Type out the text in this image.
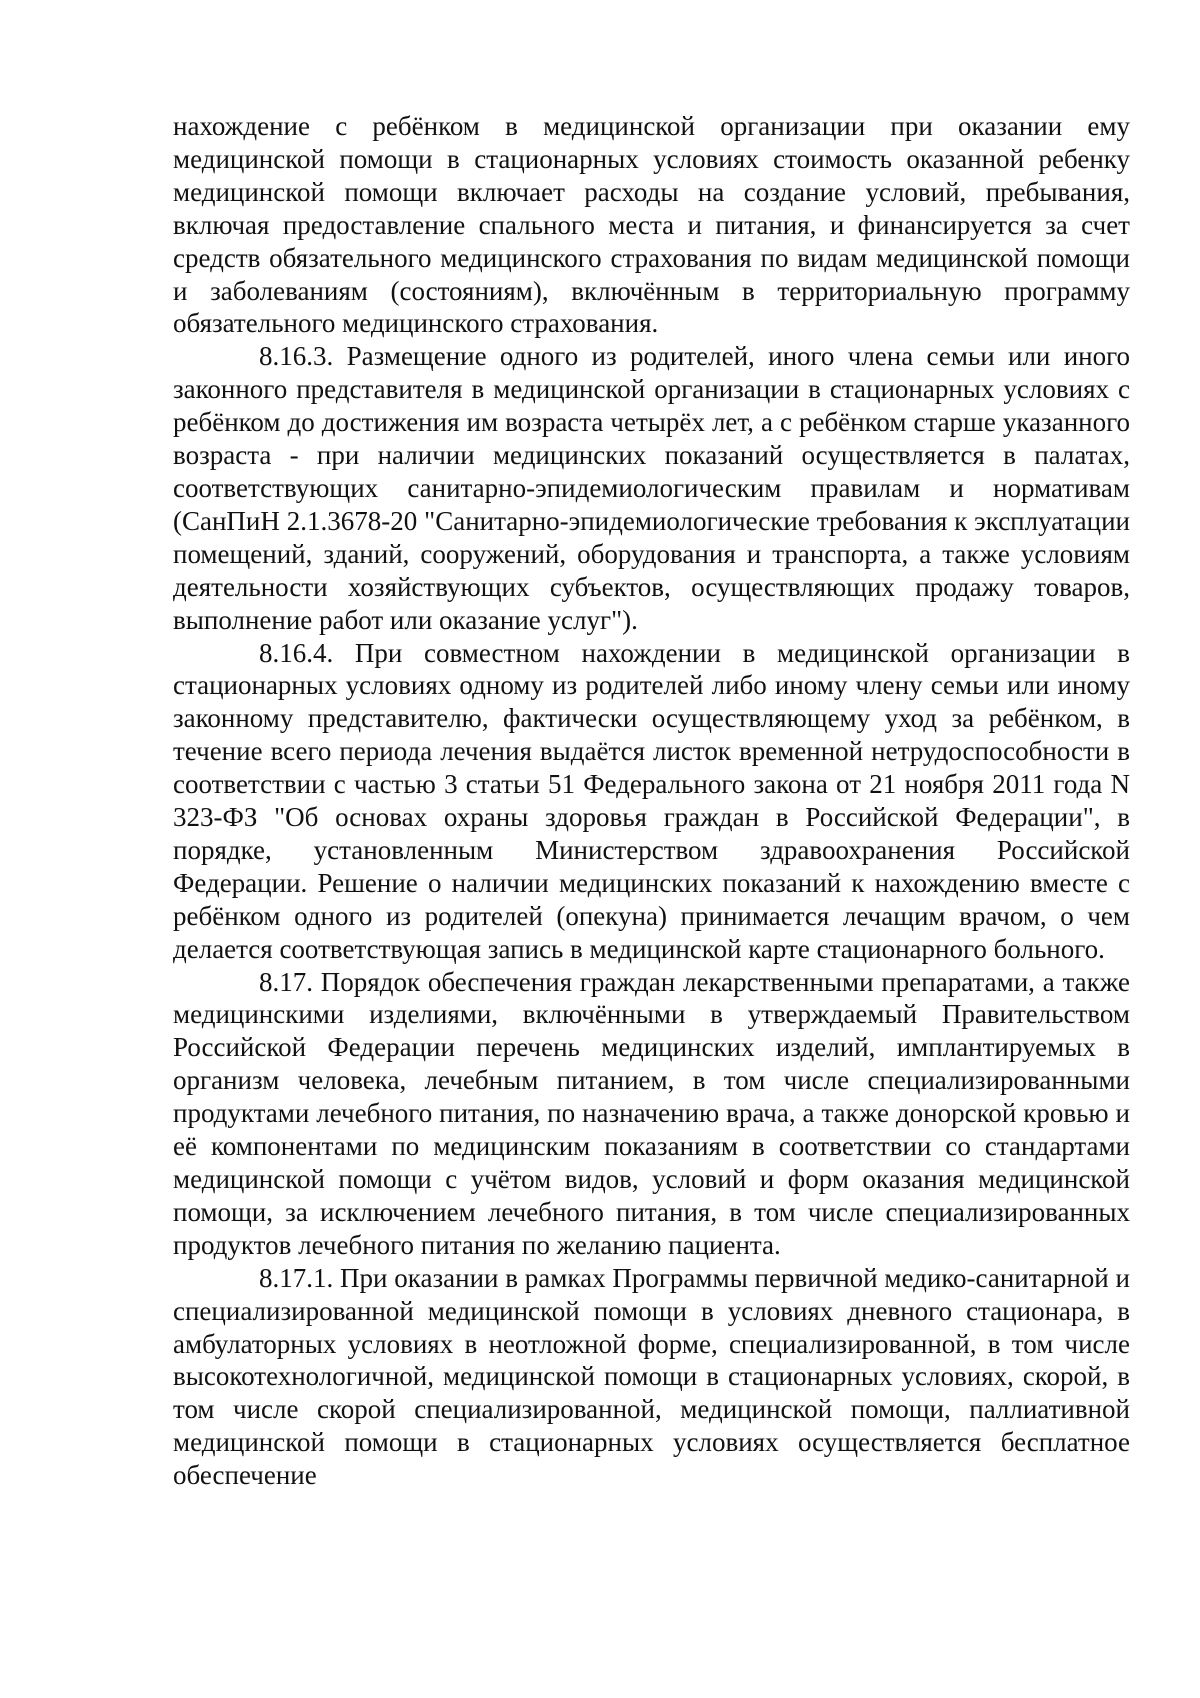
нахождение с ребёнком в медицинской организации при оказании ему медицинской помощи в стационарных условиях стоимость оказанной ребенку медицинской помощи включает расходы на создание условий, пребывания, включая предоставление спального места и питания, и финансируется за счет средств обязательного медицинского страхования по видам медицинской помощи и заболеваниям (состояниям), включённым в территориальную программу обязательного медицинского страхования.

8.16.3. Размещение одного из родителей, иного члена семьи или иного законного представителя в медицинской организации в стационарных условиях с ребёнком до достижения им возраста четырёх лет, а с ребёнком старше указанного возраста - при наличии медицинских показаний осуществляется в палатах, соответствующих санитарно-эпидемиологическим правилам и нормативам (СанПиН 2.1.3678-20 "Санитарно-эпидемиологические требования к эксплуатации помещений, зданий, сооружений, оборудования и транспорта, а также условиям деятельности хозяйствующих субъектов, осуществляющих продажу товаров, выполнение работ или оказание услуг").

8.16.4. При совместном нахождении в медицинской организации в стационарных условиях одному из родителей либо иному члену семьи или иному законному представителю, фактически осуществляющему уход за ребёнком, в течение всего периода лечения выдаётся листок временной нетрудоспособности в соответствии с частью 3 статьи 51 Федерального закона от 21 ноября 2011 года N 323-ФЗ "Об основах охраны здоровья граждан в Российской Федерации", в порядке, установленным Министерством здравоохранения Российской Федерации. Решение о наличии медицинских показаний к нахождению вместе с ребёнком одного из родителей (опекуна) принимается лечащим врачом, о чем делается соответствующая запись в медицинской карте стационарного больного.

8.17. Порядок обеспечения граждан лекарственными препаратами, а также медицинскими изделиями, включёнными в утверждаемый Правительством Российской Федерации перечень медицинских изделий, имплантируемых в организм человека, лечебным питанием, в том числе специализированными продуктами лечебного питания, по назначению врача, а также донорской кровью и её компонентами по медицинским показаниям в соответствии со стандартами медицинской помощи с учётом видов, условий и форм оказания медицинской помощи, за исключением лечебного питания, в том числе специализированных продуктов лечебного питания по желанию пациента.

8.17.1. При оказании в рамках Программы первичной медико-санитарной и специализированной медицинской помощи в условиях дневного стационара, в амбулаторных условиях в неотложной форме, специализированной, в том числе высокотехнологичной, медицинской помощи в стационарных условиях, скорой, в том числе скорой специализированной, медицинской помощи, паллиативной медицинской помощи в стационарных условиях осуществляется бесплатное обеспечение
